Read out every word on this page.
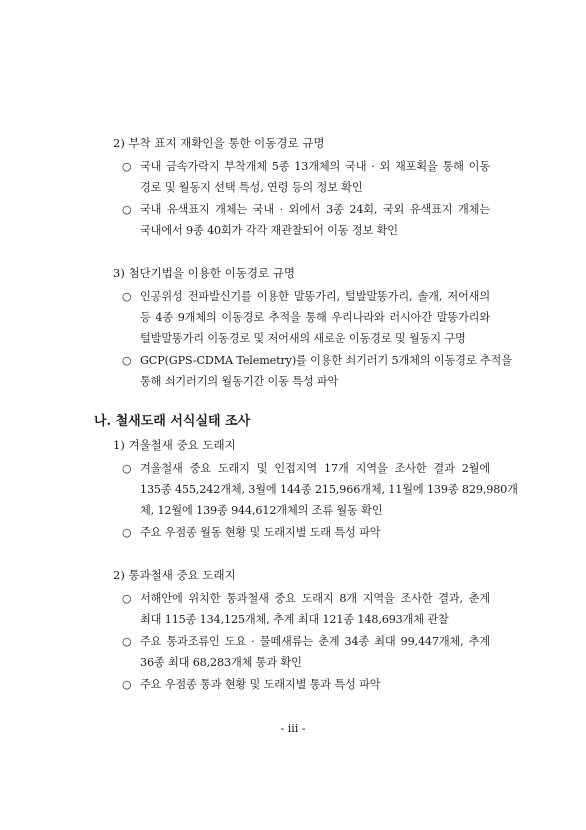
2) 부착 표지 재확인을 통한 이동경로 규명
○ 국내 금속가락지 부착개체 5종 13개체의 국내 · 외 재포획을 통해 이동
경로 및 월동지 선택 특성, 연령 등의 정보 확인
○ 국내 유색표지 개체는 국내 · 외에서 3종 24회, 국외 유색표지 개체는
국내에서 9종 40회가 각각 재관찰되어 이동 정보 확인
3) 첨단기법을 이용한 이동경로 규명
○ 인공위성 전파발신기를 이용한 말똥가리, 털발말똥가리, 솔개, 저어새의
등 4종 9개체의 이동경로 추적을 통해 우리나라와 러시아간 말똥가리와
털발말똥가리 이동경로 및 저어새의 새로운 이동경로 및 월동지 구명
○ GCP(GPS-CDMA Telemetry)를 이용한 쇠기러기 5개체의 이동경로 추적을
통해 쇠기러기의 월동기간 이동 특성 파악
나. 철새도래 서식실태 조사
1) 겨울철새 중요 도래지
○ 겨울철새 중요 도래지 및 인접지역 17개 지역을 조사한 결과 2월에
135종 455,242개체, 3월에 144종 215,966개체, 11월에 139종 829,980개
체, 12월에 139종 944,612개체의 조류 월동 확인
○ 주요 우점종 월동 현황 및 도래지별 도래 특성 파악
2) 통과철새 중요 도래지
○ 서해안에 위치한 통과철새 중요 도래지 8개 지역을 조사한 결과, 춘계
최대 115종 134,125개체, 추계 최대 121종 148,693개체 관찰
○ 주요 통과조류인 도요 · 물떼새류는 춘계 34종 최대 99,447개체, 추계
36종 최대 68,283개체 통과 확인
○ 주요 우점종 통과 현황 및 도래지별 통과 특성 파악
- iii -
